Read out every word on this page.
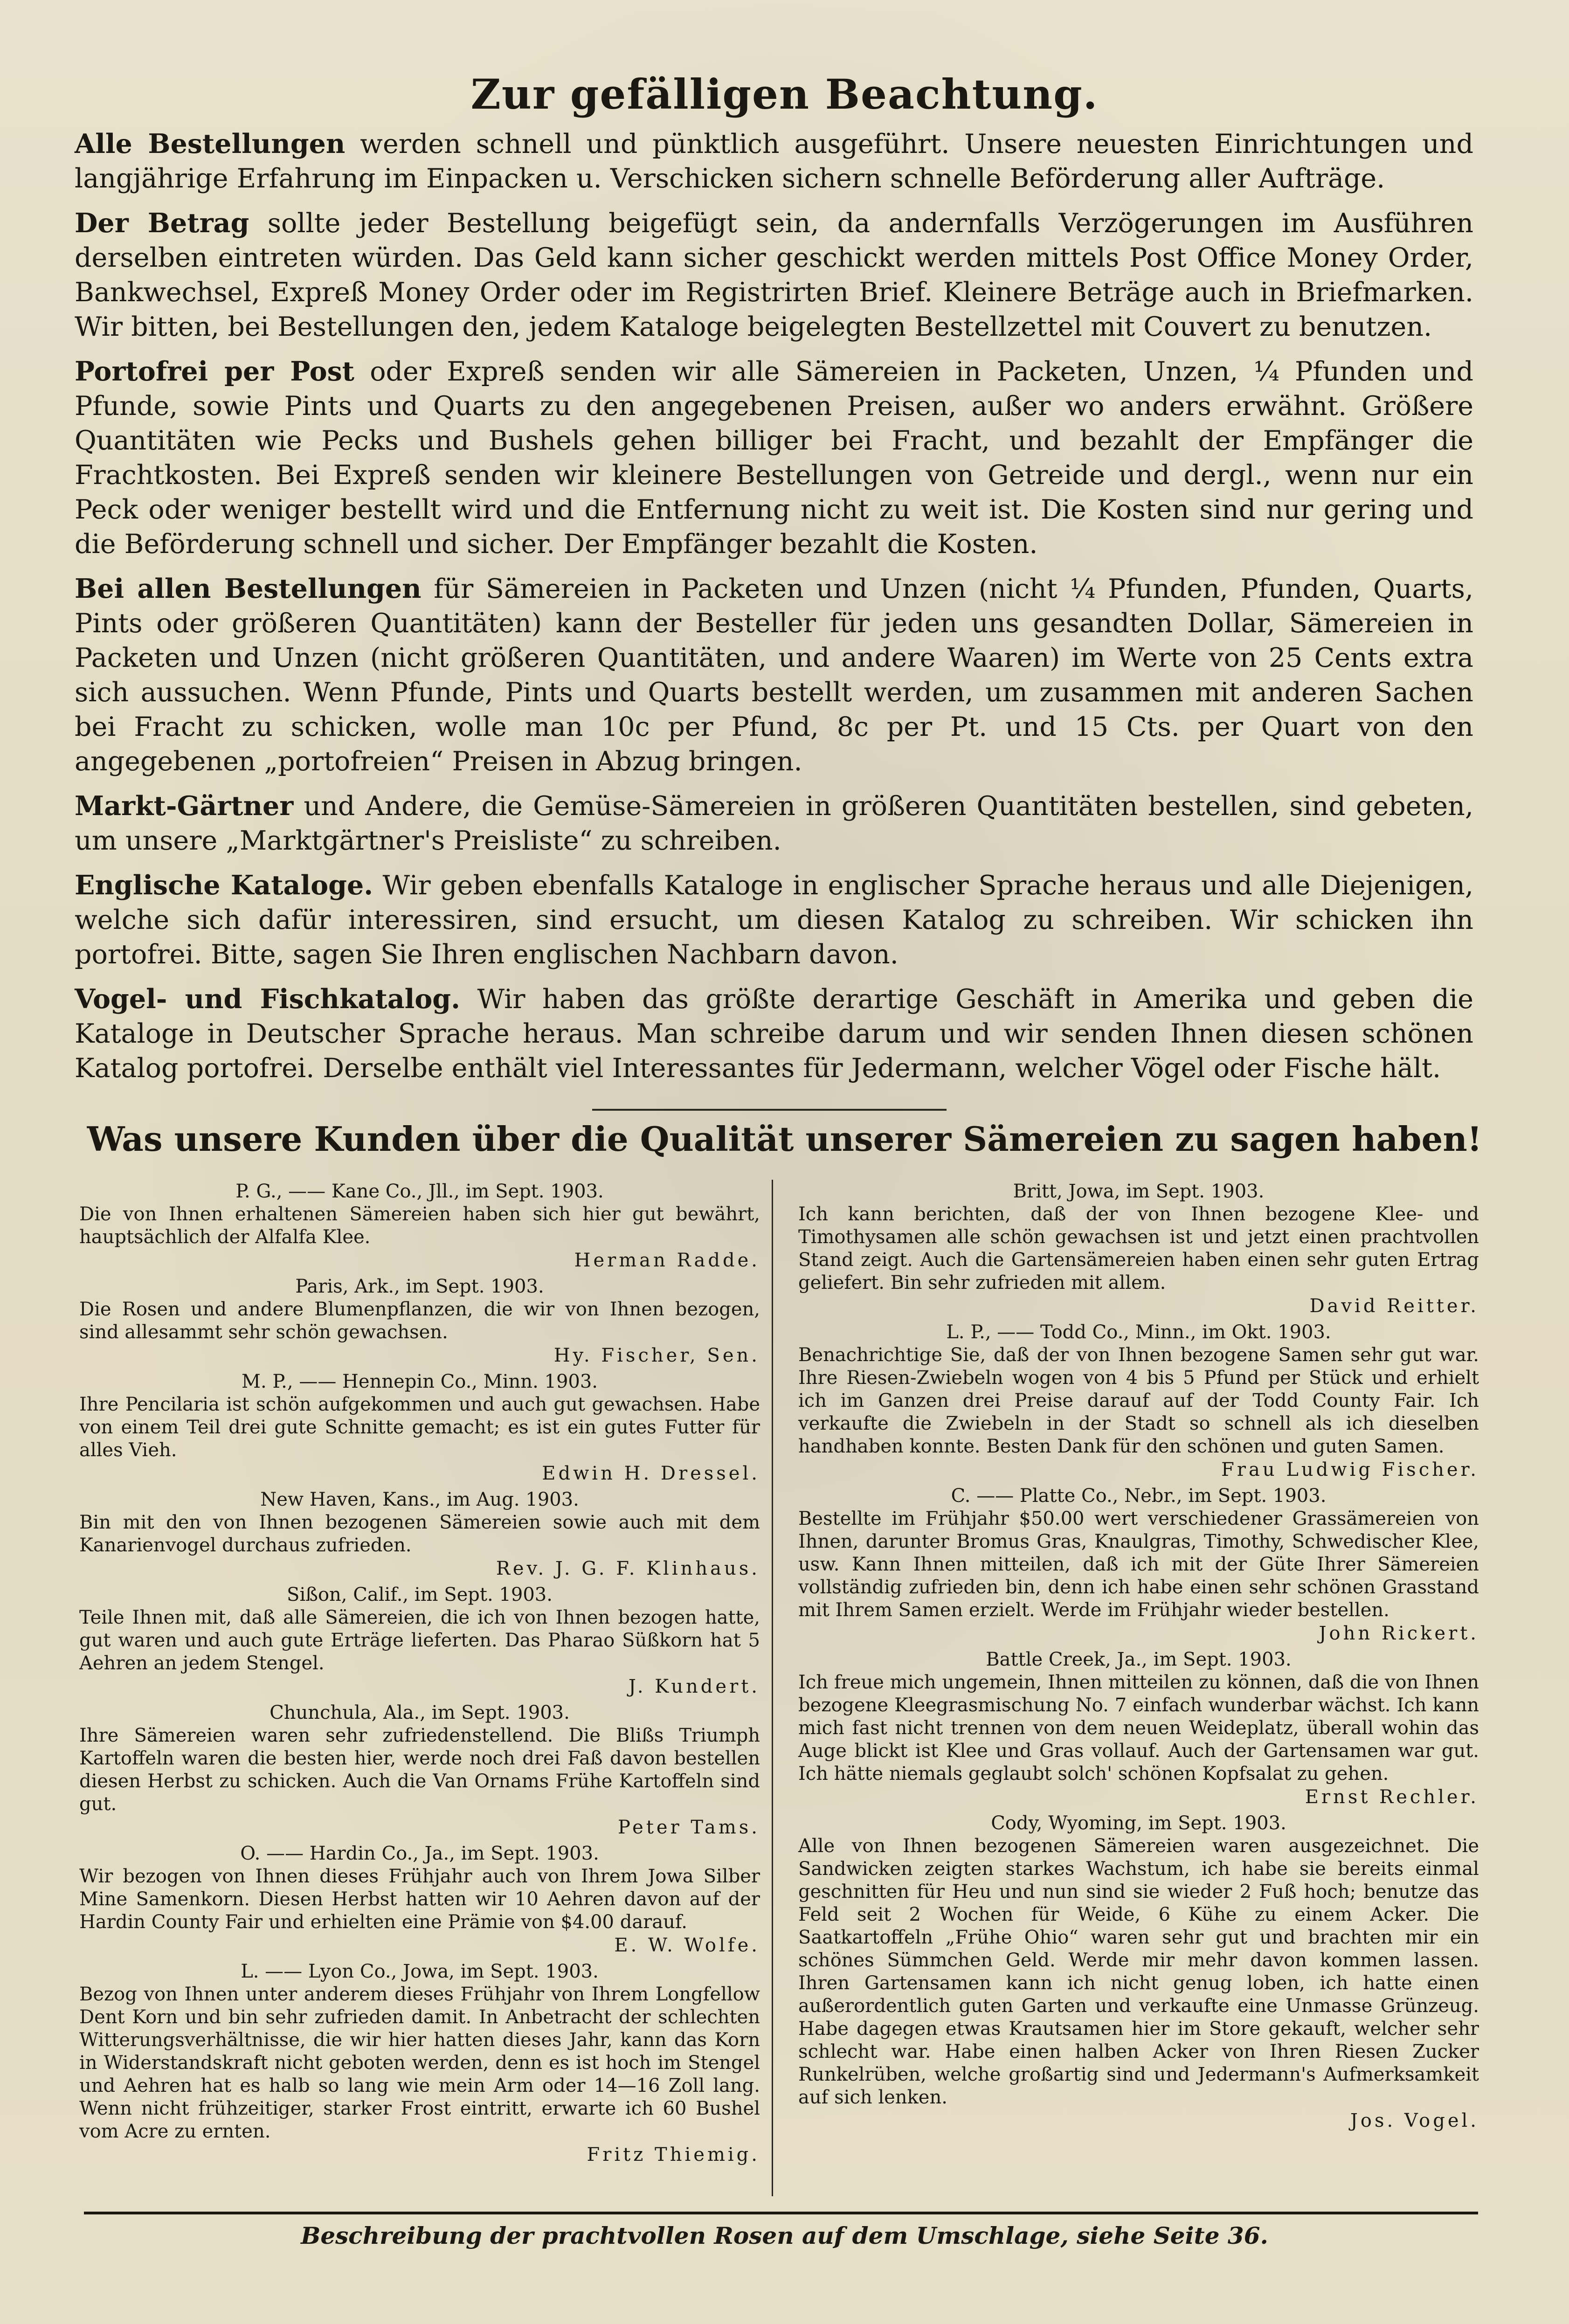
Zur gefälligen Beachtung.

Alle Bestellungen werden schnell und pünktlich ausgeführt. Unsere neuesten Einrichtungen und langjährige Erfahrung im Einpacken u. Verschicken sichern schnelle Beförderung aller Aufträge.

Der Betrag sollte jeder Bestellung beigefügt sein, da andernfalls Verzögerungen im Ausführen derselben eintreten würden. Das Geld kann sicher geschickt werden mittels Post Office Money Order, Bankwechsel, Expreß Money Order oder im Registrirten Brief. Kleinere Beträge auch in Briefmarken. Wir bitten, bei Bestellungen den, jedem Kataloge beigelegten Bestellzettel mit Couvert zu benutzen.

Portofrei per Post oder Expreß senden wir alle Sämereien in Packeten, Unzen, ¼ Pfunden und Pfunde, sowie Pints und Quarts zu den angegebenen Preisen, außer wo anders erwähnt. Größere Quantitäten wie Pecks und Bushels gehen billiger bei Fracht, und bezahlt der Empfänger die Frachtkosten. Bei Expreß senden wir kleinere Bestellungen von Getreide und dergl., wenn nur ein Peck oder weniger bestellt wird und die Entfernung nicht zu weit ist. Die Kosten sind nur gering und die Beförderung schnell und sicher. Der Empfänger bezahlt die Kosten.

Bei allen Bestellungen für Sämereien in Packeten und Unzen (nicht ¼ Pfunden, Pfunden, Quarts, Pints oder größeren Quantitäten) kann der Besteller für jeden uns gesandten Dollar, Sämereien in Packeten und Unzen (nicht größeren Quantitäten, und andere Waaren) im Werte von 25 Cents extra sich aussuchen. Wenn Pfunde, Pints und Quarts bestellt werden, um zusammen mit anderen Sachen bei Fracht zu schicken, wolle man 10c per Pfund, 8c per Pt. und 15 Cts. per Quart von den angegebenen „portofreien“ Preisen in Abzug bringen.

Markt-Gärtner und Andere, die Gemüse-Sämereien in größeren Quantitäten bestellen, sind gebeten, um unsere „Marktgärtner's Preisliste“ zu schreiben.

Englische Kataloge. Wir geben ebenfalls Kataloge in englischer Sprache heraus und alle Diejenigen, welche sich dafür interessiren, sind ersucht, um diesen Katalog zu schreiben. Wir schicken ihn portofrei. Bitte, sagen Sie Ihren englischen Nachbarn davon.

Vogel- und Fischkatalog. Wir haben das größte derartige Geschäft in Amerika und geben die Kataloge in Deutscher Sprache heraus. Man schreibe darum und wir senden Ihnen diesen schönen Katalog portofrei. Derselbe enthält viel Interessantes für Jedermann, welcher Vögel oder Fische hält.

Was unsere Kunden über die Qualität unserer Sämereien zu sagen haben!

P. G., —— Kane Co., Jll., im Sept. 1903.

Die von Ihnen erhaltenen Sämereien haben sich hier gut bewährt, hauptsächlich der Alfalfa Klee.

Herman Radde.

Paris, Ark., im Sept. 1903.

Die Rosen und andere Blumenpflanzen, die wir von Ihnen bezogen, sind allesammt sehr schön gewachsen.

Hy. Fischer, Sen.

M. P., —— Hennepin Co., Minn. 1903.

Ihre Pencilaria ist schön aufgekommen und auch gut gewachsen. Habe von einem Teil drei gute Schnitte gemacht; es ist ein gutes Futter für alles Vieh.

Edwin H. Dressel.

New Haven, Kans., im Aug. 1903.

Bin mit den von Ihnen bezogenen Sämereien sowie auch mit dem Kanarienvogel durchaus zufrieden.

Rev. J. G. F. Klinhaus.

Sißon, Calif., im Sept. 1903.

Teile Ihnen mit, daß alle Sämereien, die ich von Ihnen bezogen hatte, gut waren und auch gute Erträge lieferten. Das Pharao Süßkorn hat 5 Aehren an jedem Stengel.

J. Kundert.

Chunchula, Ala., im Sept. 1903.

Ihre Sämereien waren sehr zufriedenstellend. Die Blißs Triumph Kartoffeln waren die besten hier, werde noch drei Faß davon bestellen diesen Herbst zu schicken. Auch die Van Ornams Frühe Kartoffeln sind gut.

Peter Tams.

O. —— Hardin Co., Ja., im Sept. 1903.

Wir bezogen von Ihnen dieses Frühjahr auch von Ihrem Jowa Silber Mine Samenkorn. Diesen Herbst hatten wir 10 Aehren davon auf der Hardin County Fair und erhielten eine Prämie von $4.00 darauf.

E. W. Wolfe.

L. —— Lyon Co., Jowa, im Sept. 1903.

Bezog von Ihnen unter anderem dieses Frühjahr von Ihrem Longfellow Dent Korn und bin sehr zufrieden damit. In Anbetracht der schlechten Witterungsverhältnisse, die wir hier hatten dieses Jahr, kann das Korn in Widerstandskraft nicht geboten werden, denn es ist hoch im Stengel und Aehren hat es halb so lang wie mein Arm oder 14—16 Zoll lang. Wenn nicht frühzeitiger, starker Frost eintritt, erwarte ich 60 Bushel vom Acre zu ernten.

Fritz Thiemig.

Britt, Jowa, im Sept. 1903.

Ich kann berichten, daß der von Ihnen bezogene Klee- und Timothysamen alle schön gewachsen ist und jetzt einen prachtvollen Stand zeigt. Auch die Gartensämereien haben einen sehr guten Ertrag geliefert. Bin sehr zufrieden mit allem.

David Reitter.

L. P., —— Todd Co., Minn., im Okt. 1903.

Benachrichtige Sie, daß der von Ihnen bezogene Samen sehr gut war. Ihre Riesen-Zwiebeln wogen von 4 bis 5 Pfund per Stück und erhielt ich im Ganzen drei Preise darauf auf der Todd County Fair. Ich verkaufte die Zwiebeln in der Stadt so schnell als ich dieselben handhaben konnte. Besten Dank für den schönen und guten Samen.

Frau Ludwig Fischer.

C. —— Platte Co., Nebr., im Sept. 1903.

Bestellte im Frühjahr $50.00 wert verschiedener Grassämereien von Ihnen, darunter Bromus Gras, Knaulgras, Timothy, Schwedischer Klee, usw. Kann Ihnen mitteilen, daß ich mit der Güte Ihrer Sämereien vollständig zufrieden bin, denn ich habe einen sehr schönen Grasstand mit Ihrem Samen erzielt. Werde im Frühjahr wieder bestellen.

John Rickert.

Battle Creek, Ja., im Sept. 1903.

Ich freue mich ungemein, Ihnen mitteilen zu können, daß die von Ihnen bezogene Kleegrasmischung No. 7 einfach wunderbar wächst. Ich kann mich fast nicht trennen von dem neuen Weideplatz, überall wohin das Auge blickt ist Klee und Gras vollauf. Auch der Gartensamen war gut. Ich hätte niemals geglaubt solch' schönen Kopfsalat zu gehen.

Ernst Rechler.

Cody, Wyoming, im Sept. 1903.

Alle von Ihnen bezogenen Sämereien waren ausgezeichnet. Die Sandwicken zeigten starkes Wachstum, ich habe sie bereits einmal geschnitten für Heu und nun sind sie wieder 2 Fuß hoch; benutze das Feld seit 2 Wochen für Weide, 6 Kühe zu einem Acker. Die Saatkartoffeln „Frühe Ohio“ waren sehr gut und brachten mir ein schönes Sümmchen Geld. Werde mir mehr davon kommen lassen. Ihren Gartensamen kann ich nicht genug loben, ich hatte einen außerordentlich guten Garten und verkaufte eine Unmasse Grünzeug. Habe dagegen etwas Krautsamen hier im Store gekauft, welcher sehr schlecht war. Habe einen halben Acker von Ihren Riesen Zucker Runkelrüben, welche großartig sind und Jedermann's Aufmerksamkeit auf sich lenken.

Jos. Vogel.

Beschreibung der prachtvollen Rosen auf dem Umschlage, siehe Seite 36.
